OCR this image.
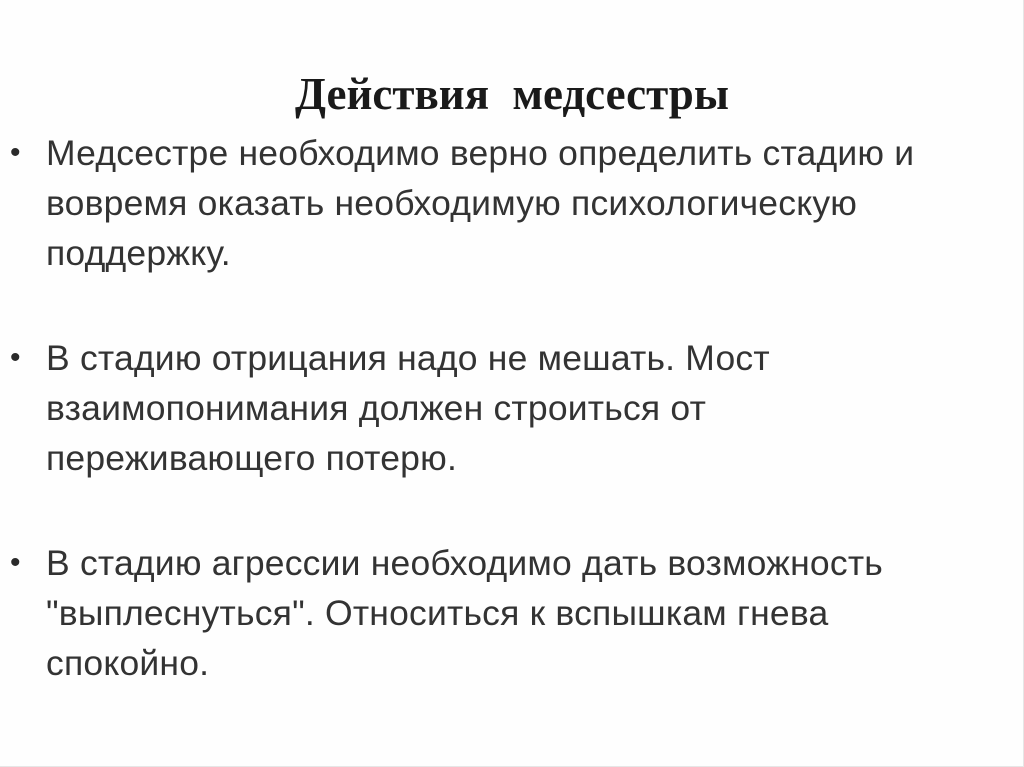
Действия медсестры
• Медсестре необходимо верно определить стадию и
вовремя оказать необходимую психологическую
поддержку.
• В стадию отрицания надо не мешать. Мост
взаимопонимания должен строиться от
переживающего потерю.
• В стадию агрессии необходимо дать возможность
"выплеснуться". Относиться к вспышкам гнева
спокойно.
